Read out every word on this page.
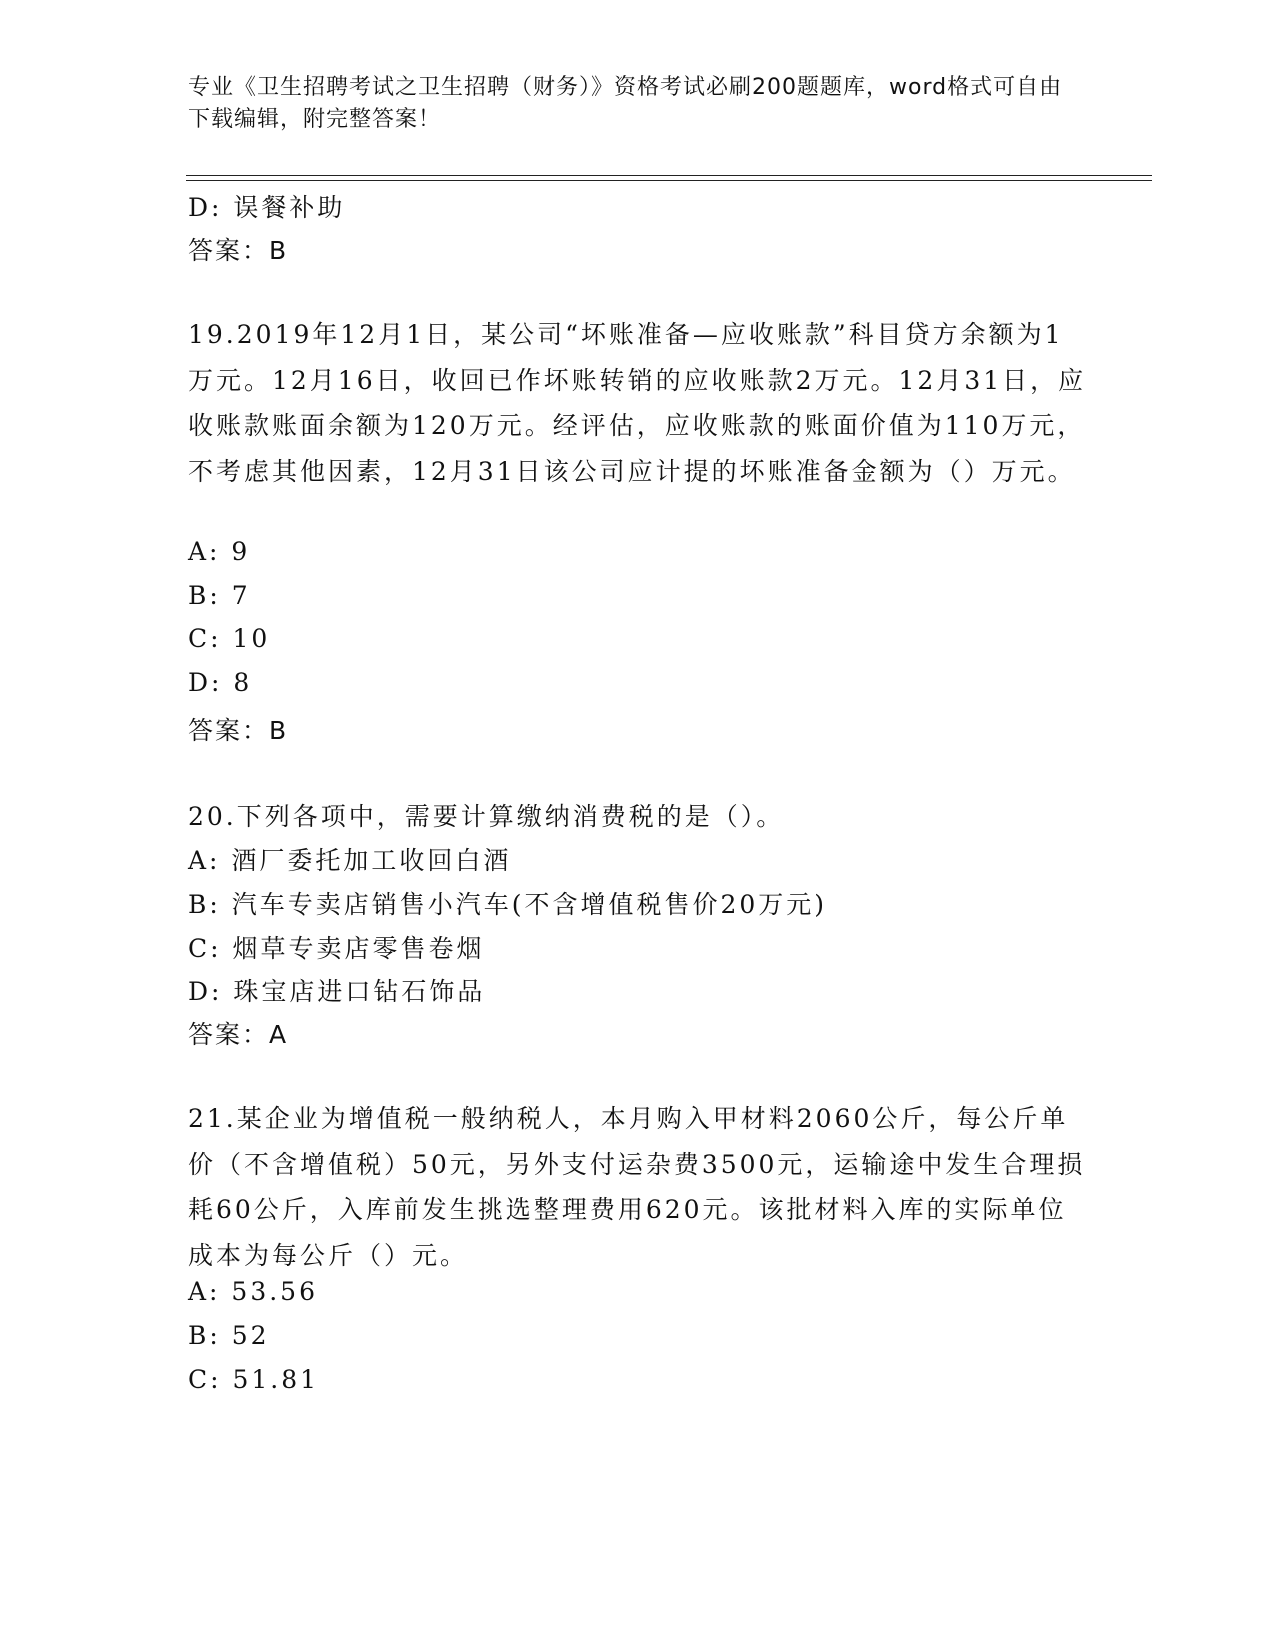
专业《卫生招聘考试之卫生招聘（财务）》资格考试必刷200题题库，word格式可自由下载编辑，附完整答案！
D: 误餐补助
答案：B
19.2019年12月1日，某公司“坏账准备—应收账款”科目贷方余额为1万元。12月16日，收回已作坏账转销的应收账款2万元。12月31日，应收账款账面余额为120万元。经评估，应收账款的账面价值为110万元，不考虑其他因素，12月31日该公司应计提的坏账准备金额为（）万元。
A: 9
B: 7
C: 10
D: 8
答案：B
20.下列各项中，需要计算缴纳消费税的是（）。
A: 酒厂委托加工收回白酒
B: 汽车专卖店销售小汽车(不含增值税售价20万元)
C: 烟草专卖店零售卷烟
D: 珠宝店进口钻石饰品
答案：A
21.某企业为增值税一般纳税人，本月购入甲材料2060公斤，每公斤单价（不含增值税）50元，另外支付运杂费3500元，运输途中发生合理损耗60公斤，入库前发生挑选整理费用620元。该批材料入库的实际单位成本为每公斤（）元。
A: 53.56
B: 52
C: 51.81
